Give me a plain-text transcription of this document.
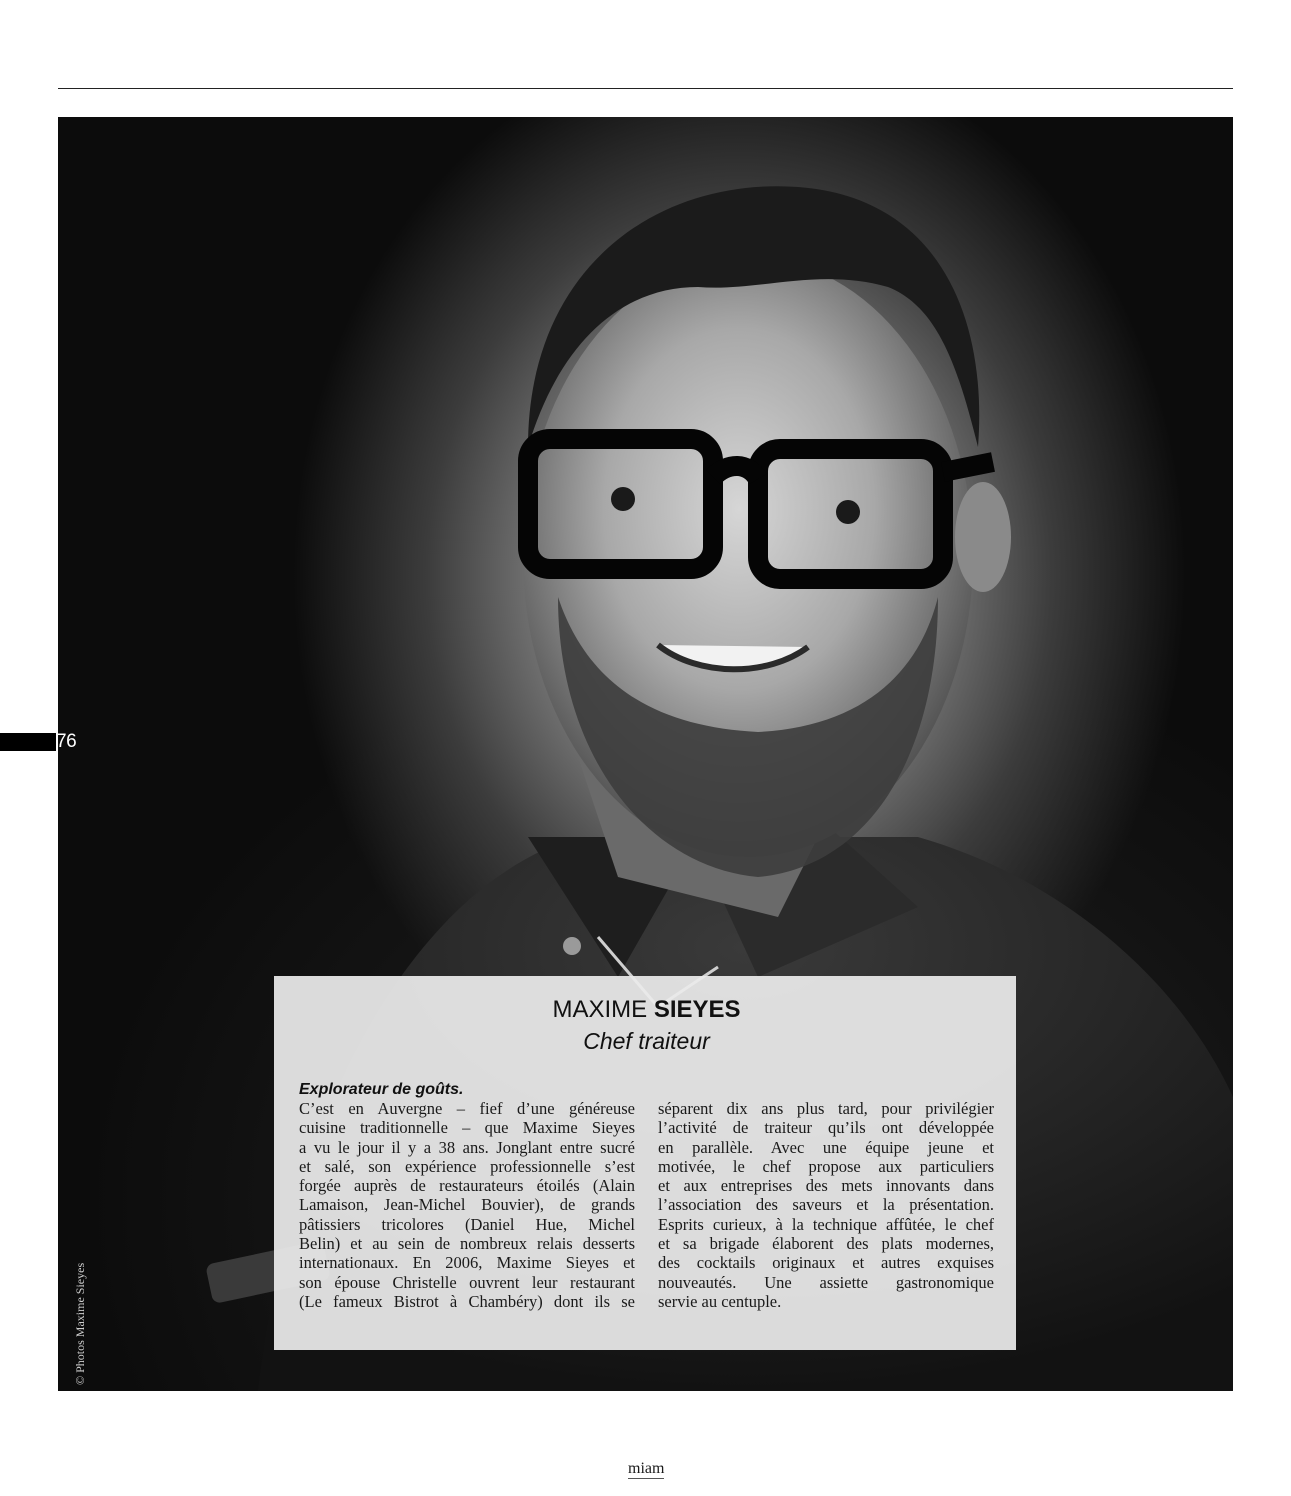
76
© Photos Maxime Sieyes
MAXIME SIEYES
Chef traiteur
Explorateur de goûts.
C’est en Auvergne – fief d’une généreuse
cuisine traditionnelle – que Maxime Sieyes
a vu le jour il y a 38 ans. Jonglant entre sucré
et salé, son expérience professionnelle s’est
forgée auprès de restaurateurs étoilés (Alain
Lamaison, Jean-Michel Bouvier), de grands
pâtissiers tricolores (Daniel Hue, Michel
Belin) et au sein de nombreux relais desserts
internationaux. En 2006, Maxime Sieyes et
son épouse Christelle ouvrent leur restaurant
(Le fameux Bistrot à Chambéry) dont ils se
séparent dix ans plus tard, pour privilégier
l’activité de traiteur qu’ils ont développée
en parallèle. Avec une équipe jeune et
motivée, le chef propose aux particuliers
et aux entreprises des mets innovants dans
l’association des saveurs et la présentation.
Esprits curieux, à la technique affûtée, le chef
et sa brigade élaborent des plats modernes,
des cocktails originaux et autres exquises
nouveautés. Une assiette gastronomique
servie au centuple.
miam
